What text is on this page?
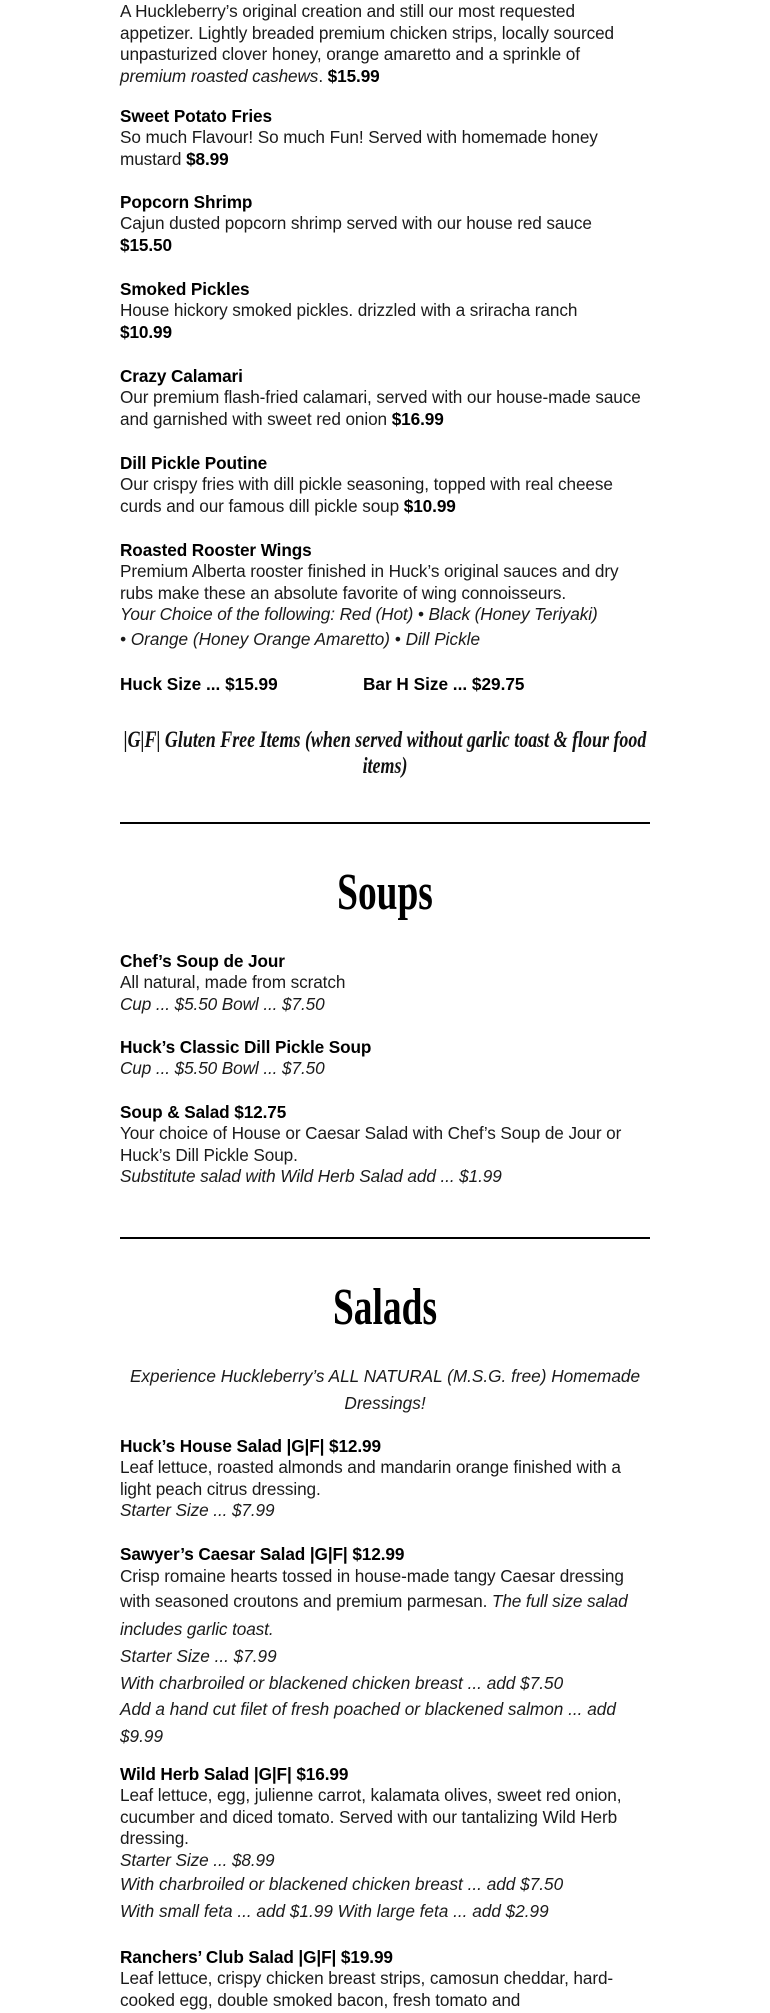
A Huckleberry’s original creation and still our most requested appetizer. Lightly breaded premium chicken strips, locally sourced unpasturized clover honey, orange amaretto and a sprinkle of premium roasted cashews. $15.99
Sweet Potato Fries
So much Flavour! So much Fun! Served with homemade honey mustard $8.99
Popcorn Shrimp
Cajun dusted popcorn shrimp served with our house red sauce
$15.50
Smoked Pickles
House hickory smoked pickles. drizzled with a sriracha ranch
$10.99
Crazy Calamari
Our premium flash-fried calamari, served with our house-made sauce and garnished with sweet red onion $16.99
Dill Pickle Poutine
Our crispy fries with dill pickle seasoning, topped with real cheese curds and our famous dill pickle soup $10.99
Roasted Rooster Wings
Premium Alberta rooster finished in Huck’s original sauces and dry rubs make these an absolute favorite of wing connoisseurs.
Your Choice of the following: Red (Hot) • Black (Honey Teriyaki)
• Orange (Honey Orange Amaretto) • Dill Pickle
Huck Size ... $15.99	Bar H Size ... $29.75
|G|F| Gluten Free Items (when served without garlic toast & flour food items)
Soups
Chef’s Soup de Jour
All natural, made from scratch
Cup ... $5.50 Bowl ... $7.50
Huck’s Classic Dill Pickle Soup
Cup ... $5.50 Bowl ... $7.50
Soup & Salad $12.75
Your choice of House or Caesar Salad with Chef’s Soup de Jour or Huck’s Dill Pickle Soup.
Substitute salad with Wild Herb Salad add ... $1.99
Salads
Experience Huckleberry’s ALL NATURAL (M.S.G. free) Homemade Dressings!
Huck’s House Salad |G|F| $12.99
Leaf lettuce, roasted almonds and mandarin orange finished with a light peach citrus dressing.
Starter Size ... $7.99
Sawyer’s Caesar Salad |G|F| $12.99
Crisp romaine hearts tossed in house-made tangy Caesar dressing with seasoned croutons and premium parmesan. The full size salad includes garlic toast.
Starter Size ... $7.99
With charbroiled or blackened chicken breast ... add $7.50
Add a hand cut filet of fresh poached or blackened salmon ... add $9.99
Wild Herb Salad |G|F| $16.99
Leaf lettuce, egg, julienne carrot, kalamata olives, sweet red onion, cucumber and diced tomato. Served with our tantalizing Wild Herb dressing.
Starter Size ... $8.99
With charbroiled or blackened chicken breast ... add $7.50
With small feta ... add $1.99 With large feta ... add $2.99
Ranchers’ Club Salad |G|F| $19.99
Leaf lettuce, crispy chicken breast strips, camosun cheddar, hard-cooked egg, double smoked bacon, fresh tomato and
